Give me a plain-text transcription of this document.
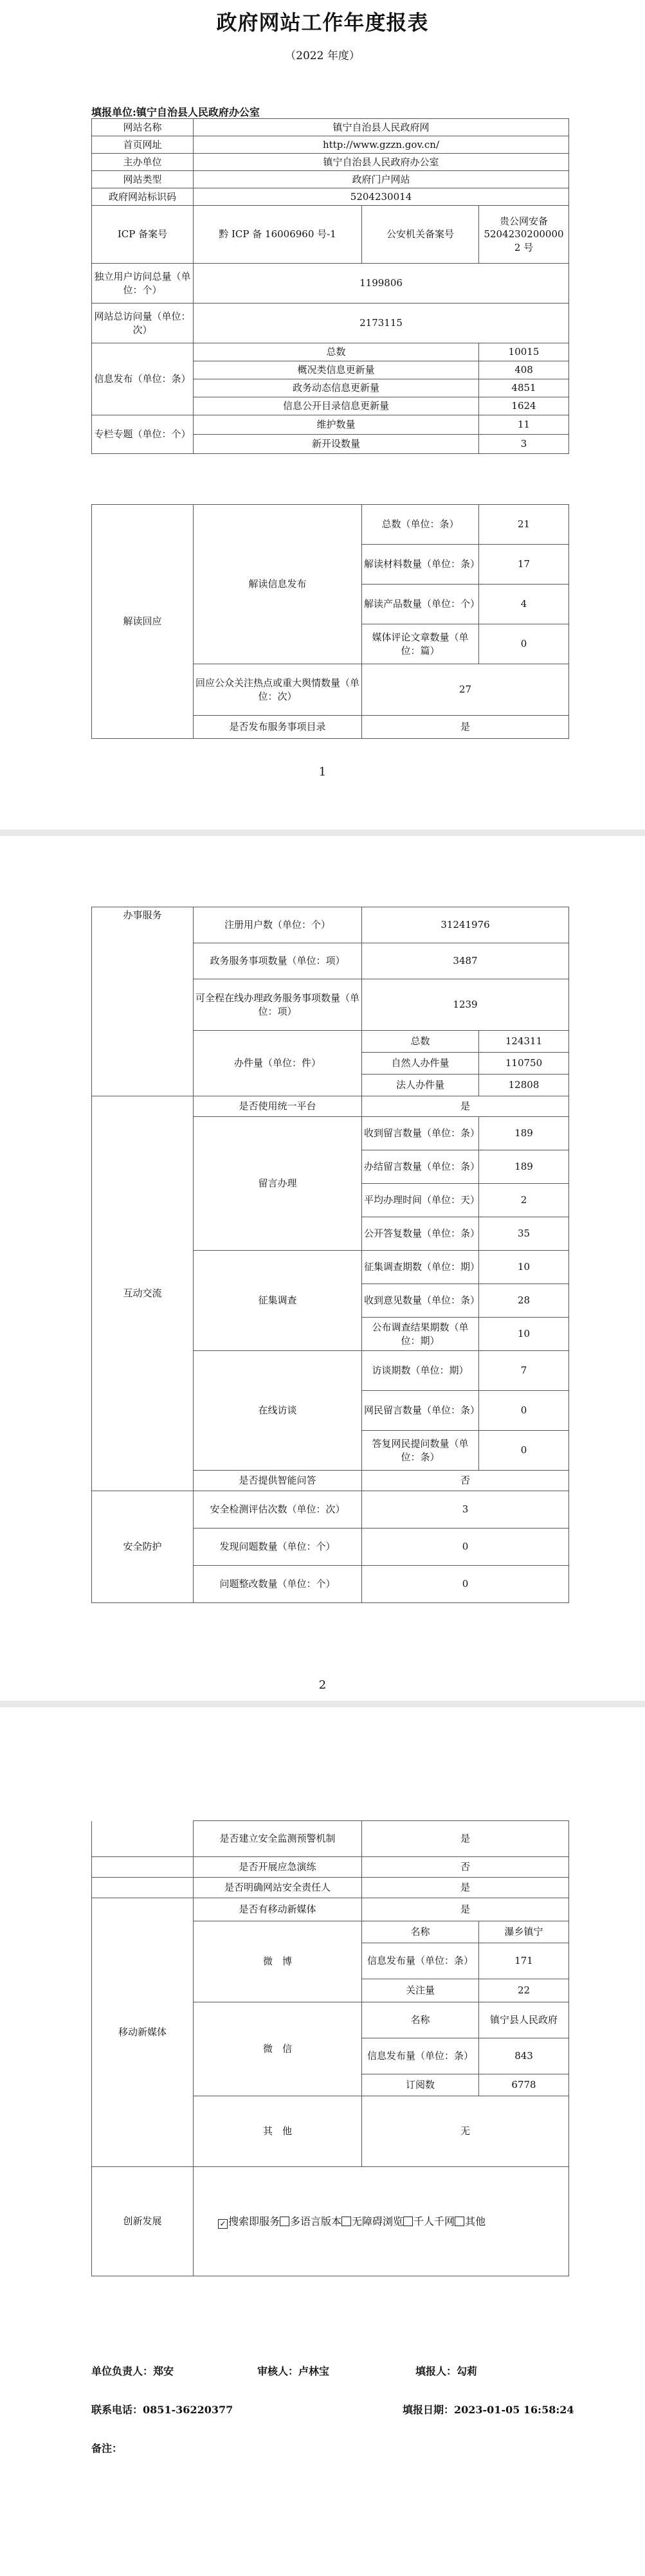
政府网站工作年度报表
（2022 年度）
填报单位:镇宁自治县人民政府办公室
网站名称	镇宁自治县人民政府网		
首页网址	http://www.gzzn.gov.cn/		
主办单位	镇宁自治县人民政府办公室		
网站类型	政府门户网站		
政府网站标识码	5204230014		
ICP 备案号	黔 ICP 备 16006960 号-1	公安机关备案号	贵公网安备52042302000002 号
独立用户访问总量（单位：个）	1199806		
网站总访问量（单位：次）	2173115		
信息发布（单位：条）	总数		10015
	概况类信息更新量		408
	政务动态信息更新量		4851
	信息公开目录信息更新量		1624
专栏专题（单位：个）	维护数量		11
	新开设数量		3
解读回应	解读信息发布	总数（单位：条）	21
		解读材料数量（单位：条）	17
		解读产品数量（单位：个）	4
		媒体评论文章数量（单位：篇）	0
	回应公众关注热点或重大舆情数量（单位：次）	27	
	是否发布服务事项目录	是	
1
办事服务	注册用户数（单位：个）	31241976	
	政务服务事项数量（单位：项）	3487	
	可全程在线办理政务服务事项数量（单位：项）	1239	
	办件量（单位：件）	总数	124311
		自然人办件量	110750
		法人办件量	12808
互动交流	是否使用统一平台	是	
	留言办理	收到留言数量（单位：条）	189
		办结留言数量（单位：条）	189
		平均办理时间（单位：天）	2
		公开答复数量（单位：条）	35
	征集调查	征集调查期数（单位：期）	10
		收到意见数量（单位：条）	28
		公布调查结果期数（单位：期）	10
	在线访谈	访谈期数（单位：期）	7
		网民留言数量（单位：条）	0
		答复网民提问数量（单位：条）	0
	是否提供智能问答	否	
安全防护	安全检测评估次数（单位：次）	3	
	发现问题数量（单位：个）	0	
	问题整改数量（单位：个）	0	
2
	是否建立安全监测预警机制	是	
	是否开展应急演练	否	
	是否明确网站安全责任人	是	
移动新媒体	是否有移动新媒体	是	
	微　博	名称	瀑乡镇宁
		信息发布量（单位：条）	171
		关注量	22
	微　信	名称	镇宁县人民政府
		信息发布量（单位：条）	843
		订阅数	6778
	其　他	无	
创新发展	✓ 搜索即服务 多语言版本 无障碍浏览 千人千网 其他		
单位负责人：郑安	审核人：卢林宝	填报人：勾莉
联系电话：0851-36220377	填报日期：2023-01-05 16:58:24
备注：
